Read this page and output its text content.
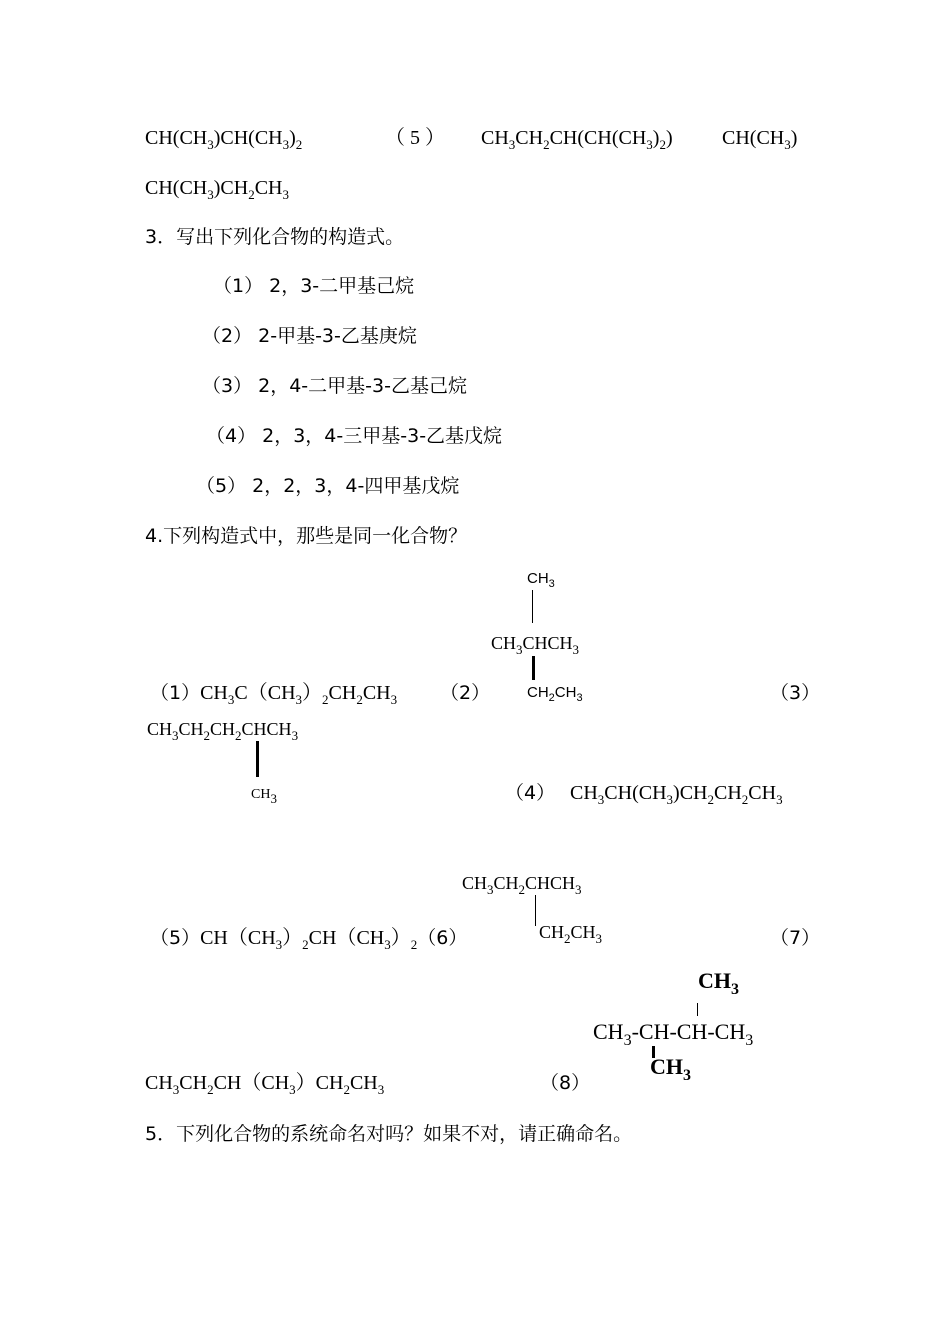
$CH(CH_3)CH(CH_3)_2$	（ 5 ） $CH_3CH_2CH(CH(CH_3)_2)$ $CH(CH_3)$
$CH(CH_3)CH_2CH_3$
3．写出下列化合物的构造式。
（1） 2，3-二甲基己烷
（2） 2-甲基-3-乙基庚烷
（3） 2，4-二甲基-3-乙基己烷
（4） 2，3，4-三甲基-3-乙基戊烷
（5） 2，2，3，4-四甲基戊烷
4.下列构造式中，那些是同一化合物？
$CH_3$
$CH_3CHCH_3$
$CH_2CH_3$
$(1)CH_3C(CH_3)_2CH_2CH_3$ （2）	（3）
$CH_3CH_2CH_2CHCH_3$
$CH_3$	（4） $CH_3CH(CH_3)CH_2CH_2CH_3$
$CH_3CH_2CHCH_3$
$CH_2CH_3$
$(5)CH(CH_3)_2CH(CH_3)_2(6)$	（7）
$CH_3$
$CH_3-CH-CH-CH_3$
$CH_3$
$CH_3CH_2CH(CH_3)CH_2CH_3$	（8）
5．下列化合物的系统命名对吗？如果不对，请正确命名。
